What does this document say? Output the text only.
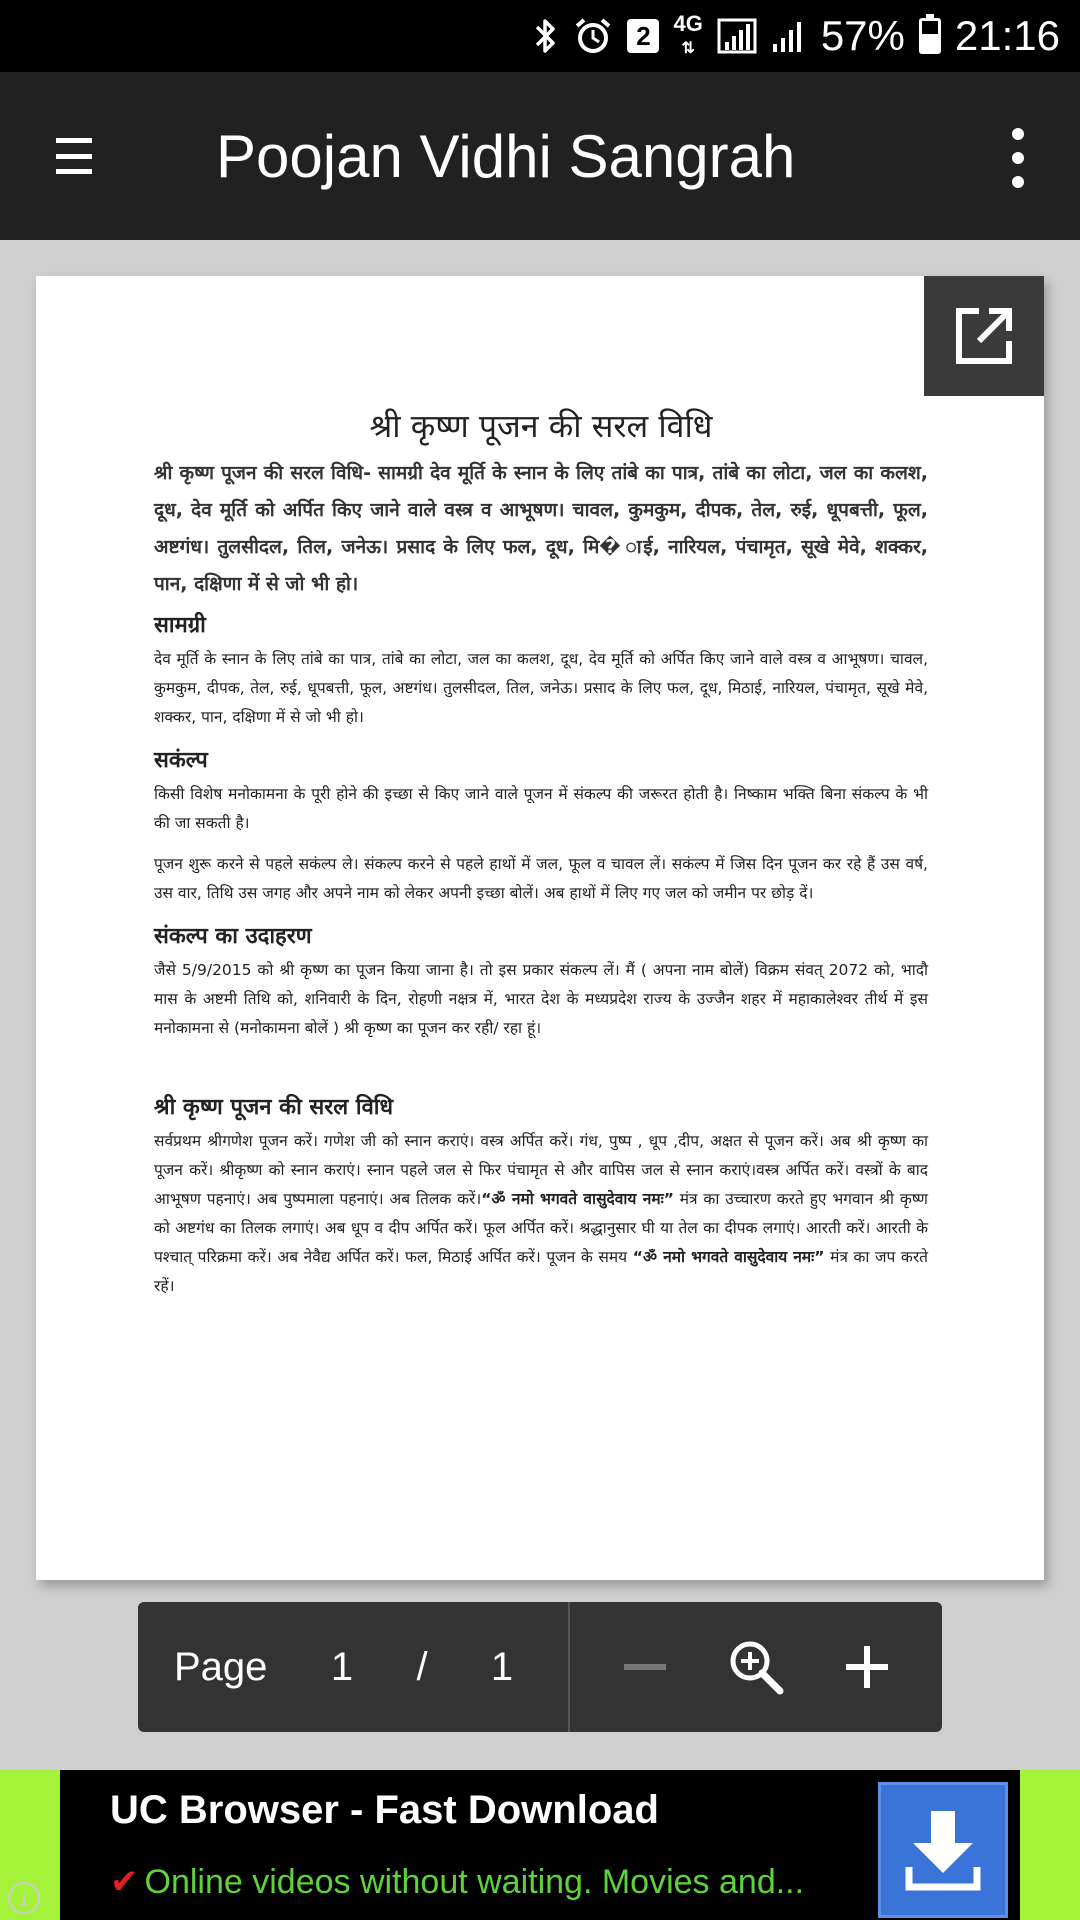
2	4G
⇅	57% 21:16
Poojan Vidhi Sangrah
श्री कृष्ण पूजन की सरल विधि
श्री कृष्ण पूजन की सरल विधि- सामग्री देव मूर्ति के स्नान के लिए तांबे का पात्र, तांबे का लोटा, जल का कलश, दूध, देव मूर्ति को अर्पित किए जाने वाले वस्त्र व आभूषण। चावल, कुमकुम, दीपक, तेल, रुई, धूपबत्ती, फूल, अष्टगंध। तुलसीदल, तिल, जनेऊ। प्रसाद के लिए फल, दूध, मि� ाई, नारियल, पंचामृत, सूखे मेवे, शक्कर, पान, दक्षिणा में से जो भी हो।
सामग्री
देव मूर्ति के स्नान के लिए तांबे का पात्र, तांबे का लोटा, जल का कलश, दूध, देव मूर्ति को अर्पित किए जाने वाले वस्त्र व आभूषण। चावल, कुमकुम, दीपक, तेल, रुई, धूपबत्ती, फूल, अष्टगंध। तुलसीदल, तिल, जनेऊ। प्रसाद के लिए फल, दूध, मिठाई, नारियल, पंचामृत, सूखे मेवे, शक्कर, पान, दक्षिणा में से जो भी हो।
सकंल्प
किसी विशेष मनोकामना के पूरी होने की इच्छा से किए जाने वाले पूजन में संकल्प की जरूरत होती है। निष्काम भक्ति बिना संकल्प के भी की जा सकती है।
पूजन शुरू करने से पहले सकंल्प ले। संकल्प करने से पहले हाथों में जल, फूल व चावल लें। सकंल्प में जिस दिन पूजन कर रहे हैं उस वर्ष, उस वार, तिथि उस जगह और अपने नाम को लेकर अपनी इच्छा बोलें। अब हाथों में लिए गए जल को जमीन पर छोड़ दें।
संकल्प का उदाहरण
जैसे 5/9/2015 को श्री कृष्ण का पूजन किया जाना है। तो इस प्रकार संकल्प लें। मैं ( अपना नाम बोलें) विक्रम संवत् 2072 को, भादौ मास के अष्टमी तिथि को, शनिवारी के दिन, रोहणी नक्षत्र में, भारत देश के मध्यप्रदेश राज्य के उज्जैन शहर में महाकालेश्वर तीर्थ में इस मनोकामना से (मनोकामना बोलें ) श्री कृष्ण का पूजन कर रही/ रहा हूं।
श्री कृष्ण पूजन की सरल विधि
सर्वप्रथम श्रीगणेश पूजन करें। गणेश जी को स्नान कराएं। वस्त्र अर्पित करें। गंध, पुष्प , धूप ,दीप, अक्षत से पूजन करें। अब श्री कृष्ण का पूजन करें। श्रीकृष्ण को स्नान कराएं। स्नान पहले जल से फिर पंचामृत से और वापिस जल से स्नान कराएं।वस्त्र अर्पित करें। वस्त्रों के बाद आभूषण पहनाएं। अब पुष्पमाला पहनाएं। अब तिलक करें।“ॐ नमो भगवते वासुदेवाय नमः” मंत्र का उच्चारण करते हुए भगवान श्री कृष्ण को अष्टगंध का तिलक लगाएं। अब धूप व दीप अर्पित करें। फूल अर्पित करें। श्रद्धानुसार घी या तेल का दीपक लगाएं। आरती करें। आरती के पश्चात् परिक्रमा करें। अब नेवैद्य अर्पित करें। फल, मिठाई अर्पित करें। पूजन के समय “ॐ नमो भगवते वासुदेवाय नमः” मंत्र का जप करते रहें।
Page	1	/	1
UC Browser - Fast Download
✔ Online videos without waiting. Movies and...
i
